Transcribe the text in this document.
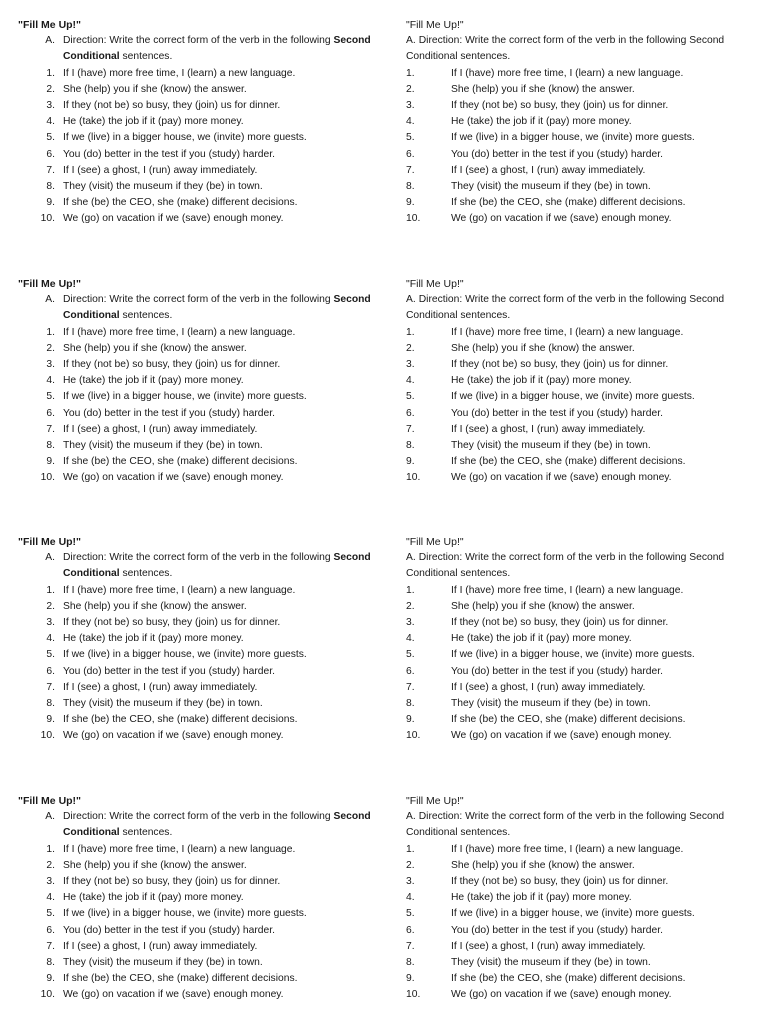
"Fill Me Up!"
A. Direction: Write the correct form of the verb in the following Second Conditional sentences.
1. If I (have) more free time, I (learn) a new language.
2. She (help) you if she (know) the answer.
3. If they (not be) so busy, they (join) us for dinner.
4. He (take) the job if it (pay) more money.
5. If we (live) in a bigger house, we (invite) more guests.
6. You (do) better in the test if you (study) harder.
7. If I (see) a ghost, I (run) away immediately.
8. They (visit) the museum if they (be) in town.
9. If she (be) the CEO, she (make) different decisions.
10. We (go) on vacation if we (save) enough money.
"Fill Me Up!"
A. Direction: Write the correct form of the verb in the following Second Conditional sentences.
1. If I (have) more free time, I (learn) a new language.
2. She (help) you if she (know) the answer.
3. If they (not be) so busy, they (join) us for dinner.
4. He (take) the job if it (pay) more money.
5. If we (live) in a bigger house, we (invite) more guests.
6. You (do) better in the test if you (study) harder.
7. If I (see) a ghost, I (run) away immediately.
8. They (visit) the museum if they (be) in town.
9. If she (be) the CEO, she (make) different decisions.
10. We (go) on vacation if we (save) enough money.
"Fill Me Up!"
A. Direction: Write the correct form of the verb in the following Second Conditional sentences.
1. If I (have) more free time, I (learn) a new language.
2. She (help) you if she (know) the answer.
3. If they (not be) so busy, they (join) us for dinner.
4. He (take) the job if it (pay) more money.
5. If we (live) in a bigger house, we (invite) more guests.
6. You (do) better in the test if you (study) harder.
7. If I (see) a ghost, I (run) away immediately.
8. They (visit) the museum if they (be) in town.
9. If she (be) the CEO, she (make) different decisions.
10. We (go) on vacation if we (save) enough money.
"Fill Me Up!"
A. Direction: Write the correct form of the verb in the following Second Conditional sentences.
1. If I (have) more free time, I (learn) a new language.
2. She (help) you if she (know) the answer.
3. If they (not be) so busy, they (join) us for dinner.
4. He (take) the job if it (pay) more money.
5. If we (live) in a bigger house, we (invite) more guests.
6. You (do) better in the test if you (study) harder.
7. If I (see) a ghost, I (run) away immediately.
8. They (visit) the museum if they (be) in town.
9. If she (be) the CEO, she (make) different decisions.
10. We (go) on vacation if we (save) enough money.
"Fill Me Up!"
A. Direction: Write the correct form of the verb in the following Second
Conditional sentences.
1.	If I (have) more free time, I (learn) a new language.
2.	She (help) you if she (know) the answer.
3.	If they (not be) so busy, they (join) us for dinner.
4.	He (take) the job if it (pay) more money.
5.	If we (live) in a bigger house, we (invite) more guests.
6.	You (do) better in the test if you (study) harder.
7.	If I (see) a ghost, I (run) away immediately.
8.	They (visit) the museum if they (be) in town.
9.	If she (be) the CEO, she (make) different decisions.
10.	We (go) on vacation if we (save) enough money.
"Fill Me Up!"
A. Direction: Write the correct form of the verb in the following Second
Conditional sentences.
1.	If I (have) more free time, I (learn) a new language.
2.	She (help) you if she (know) the answer.
3.	If they (not be) so busy, they (join) us for dinner.
4.	He (take) the job if it (pay) more money.
5.	If we (live) in a bigger house, we (invite) more guests.
6.	You (do) better in the test if you (study) harder.
7.	If I (see) a ghost, I (run) away immediately.
8.	They (visit) the museum if they (be) in town.
9.	If she (be) the CEO, she (make) different decisions.
10.	We (go) on vacation if we (save) enough money.
"Fill Me Up!"
A. Direction: Write the correct form of the verb in the following Second
Conditional sentences.
1.	If I (have) more free time, I (learn) a new language.
2.	She (help) you if she (know) the answer.
3.	If they (not be) so busy, they (join) us for dinner.
4.	He (take) the job if it (pay) more money.
5.	If we (live) in a bigger house, we (invite) more guests.
6.	You (do) better in the test if you (study) harder.
7.	If I (see) a ghost, I (run) away immediately.
8.	They (visit) the museum if they (be) in town.
9.	If she (be) the CEO, she (make) different decisions.
10.	We (go) on vacation if we (save) enough money.
"Fill Me Up!"
A. Direction: Write the correct form of the verb in the following Second
Conditional sentences.
1.	If I (have) more free time, I (learn) a new language.
2.	She (help) you if she (know) the answer.
3.	If they (not be) so busy, they (join) us for dinner.
4.	He (take) the job if it (pay) more money.
5.	If we (live) in a bigger house, we (invite) more guests.
6.	You (do) better in the test if you (study) harder.
7.	If I (see) a ghost, I (run) away immediately.
8.	They (visit) the museum if they (be) in town.
9.	If she (be) the CEO, she (make) different decisions.
10.	We (go) on vacation if we (save) enough money.
